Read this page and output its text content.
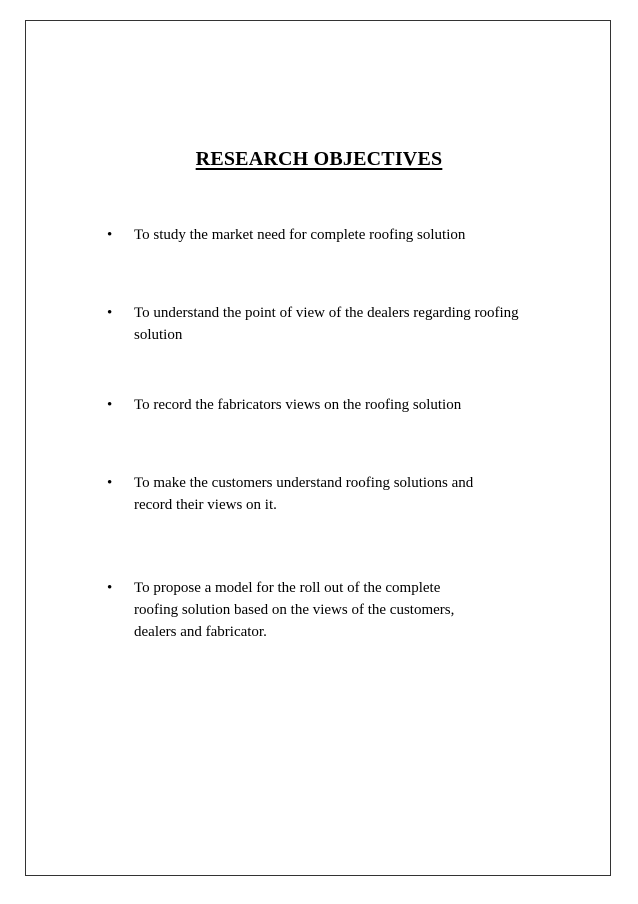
RESEARCH OBJECTIVES
• To study the market need for complete roofing solution
• To understand the point of view of the dealers regarding roofing
solution
• To record the fabricators views on the roofing solution
• To make the customers understand roofing solutions and
record their views on it.
• To propose a model for the roll out of the complete
roofing solution based on the views of the customers,
dealers and fabricator.
